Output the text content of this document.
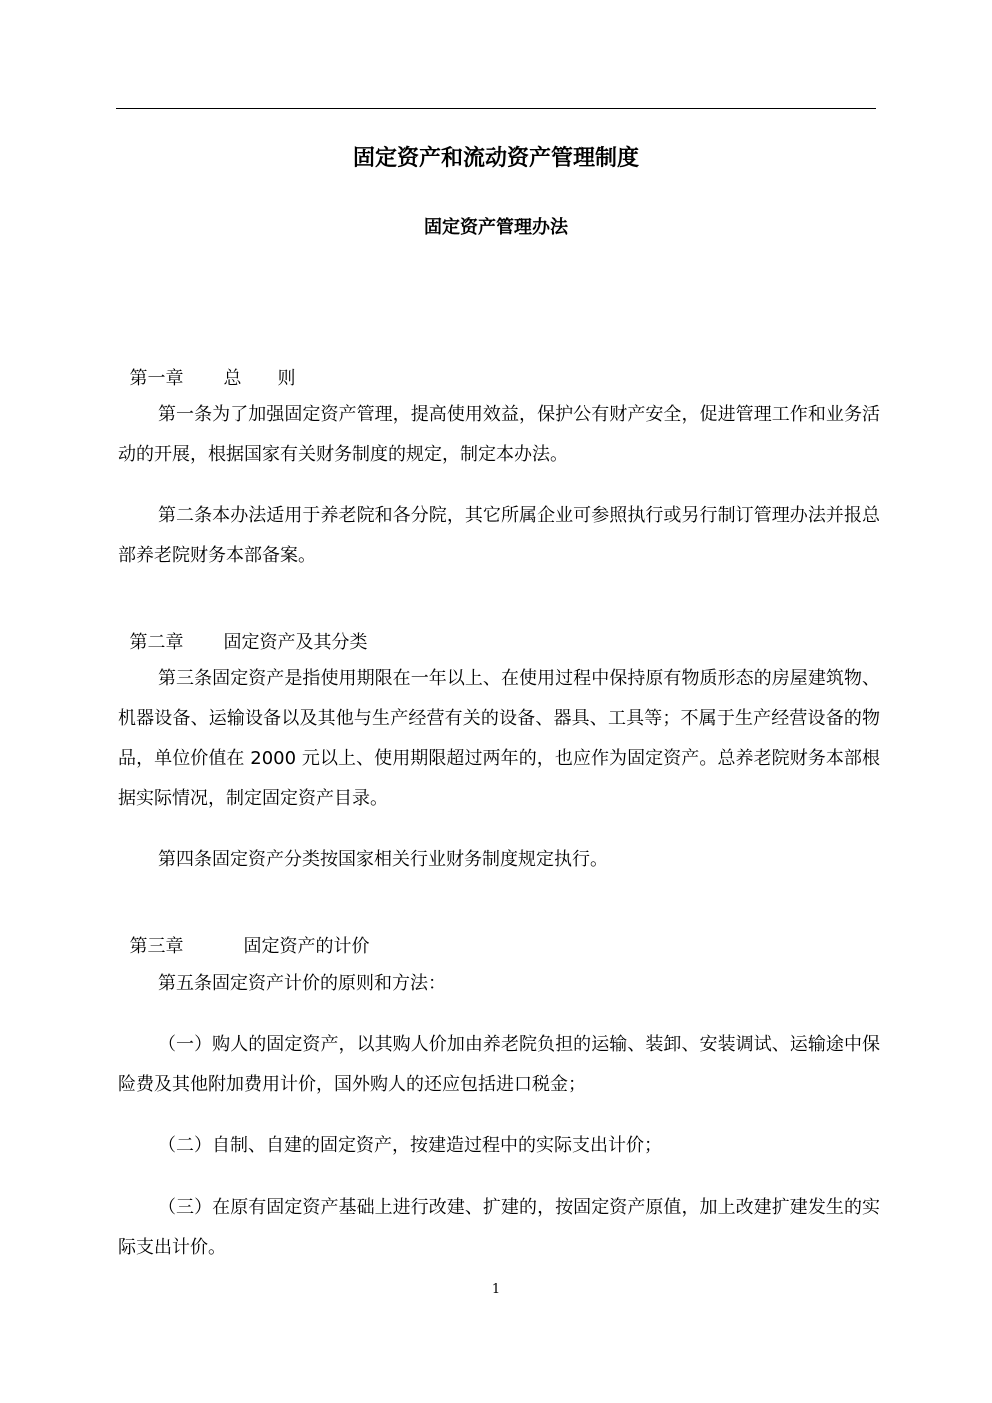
固定资产和流动资产管理制度
固定资产管理办法

第一章 总　　则

第一条为了加强固定资产管理，提高使用效益，保护公有财产安全，促进管理工作和业务活动的开展，根据国家有关财务制度的规定，制定本办法。
第二条本办法适用于养老院和各分院，其它所属企业可参照执行或另行制订管理办法并报总部养老院财务本部备案。

第二章 固定资产及其分类

第三条固定资产是指使用期限在一年以上、在使用过程中保持原有物质形态的房屋建筑物、机器设备、运输设备以及其他与生产经营有关的设备、器具、工具等；不属于生产经营设备的物品，单位价值在 2000 元以上、使用期限超过两年的，也应作为固定资产。总养老院财务本部根据实际情况，制定固定资产目录。
第四条固定资产分类按国家相关行业财务制度规定执行。

第三章	固定资产的计价

第五条固定资产计价的原则和方法：
（一）购人的固定资产，以其购人价加由养老院负担的运输、装卸、安装调试、运输途中保险费及其他附加费用计价，国外购人的还应包括进口税金；
（二）自制、自建的固定资产，按建造过程中的实际支出计价；
（三）在原有固定资产基础上进行改建、扩建的，按固定资产原值，加上改建扩建发生的实际支出计价。
1
